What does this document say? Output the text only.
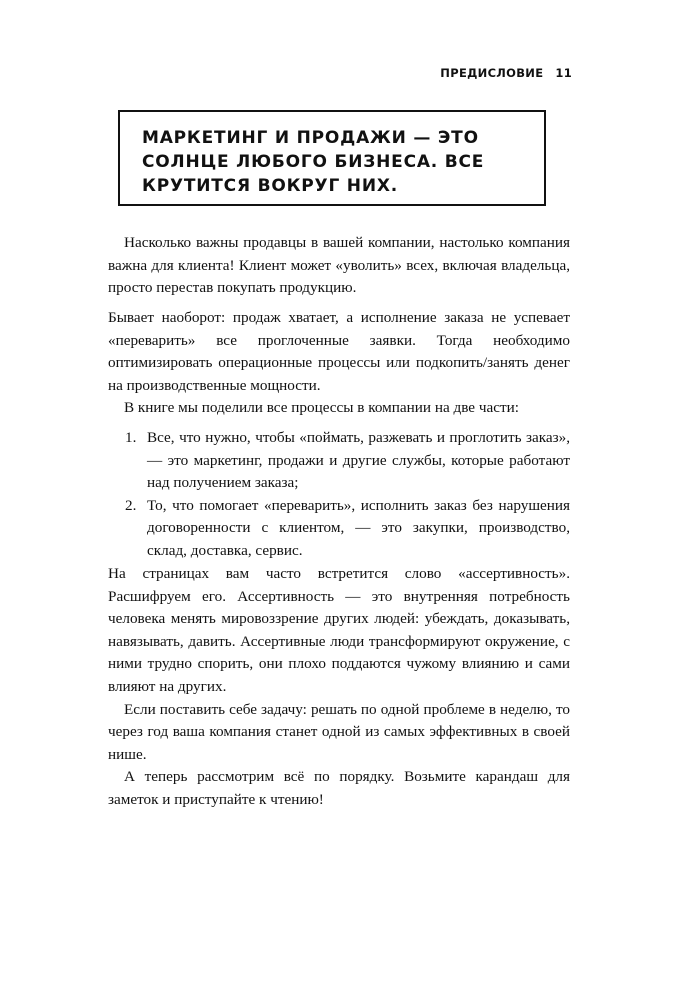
ПРЕДИСЛОВИЕ 11

МАРКЕТИНГ И ПРОДАЖИ — ЭТО СОЛНЦЕ ЛЮБОГО БИЗНЕСА. ВСЕ КРУТИТСЯ ВОКРУГ НИХ.

Насколько важны продавцы в вашей компании, настолько компания важна для клиента! Клиент может «уволить» всех, включая владельца, просто перестав покупать продукцию.

Бывает наоборот: продаж хватает, а исполнение заказа не успевает «переварить» все проглоченные заявки. Тогда необходимо оптимизировать операционные процессы или подкопить/занять денег на производственные мощности.

В книге мы поделили все процессы в компании на две части:

1. Все, что нужно, чтобы «поймать, разжевать и проглотить заказ», — это маркетинг, продажи и другие службы, которые работают над получением заказа;
2. То, что помогает «переварить», исполнить заказ без нарушения договоренности с клиентом, — это закупки, производство, склад, доставка, сервис.

На страницах вам часто встретится слово «ассертивность». Расшифруем его. Ассертивность — это внутренняя потребность человека менять мировоззрение других людей: убеждать, доказывать, навязывать, давить. Ассертивные люди трансформируют окружение, с ними трудно спорить, они плохо поддаются чужому влиянию и сами влияют на других.

Если поставить себе задачу: решать по одной проблеме в неделю, то через год ваша компания станет одной из самых эффективных в своей нише.

А теперь рассмотрим всё по порядку. Возьмите карандаш для заметок и приступайте к чтению!
